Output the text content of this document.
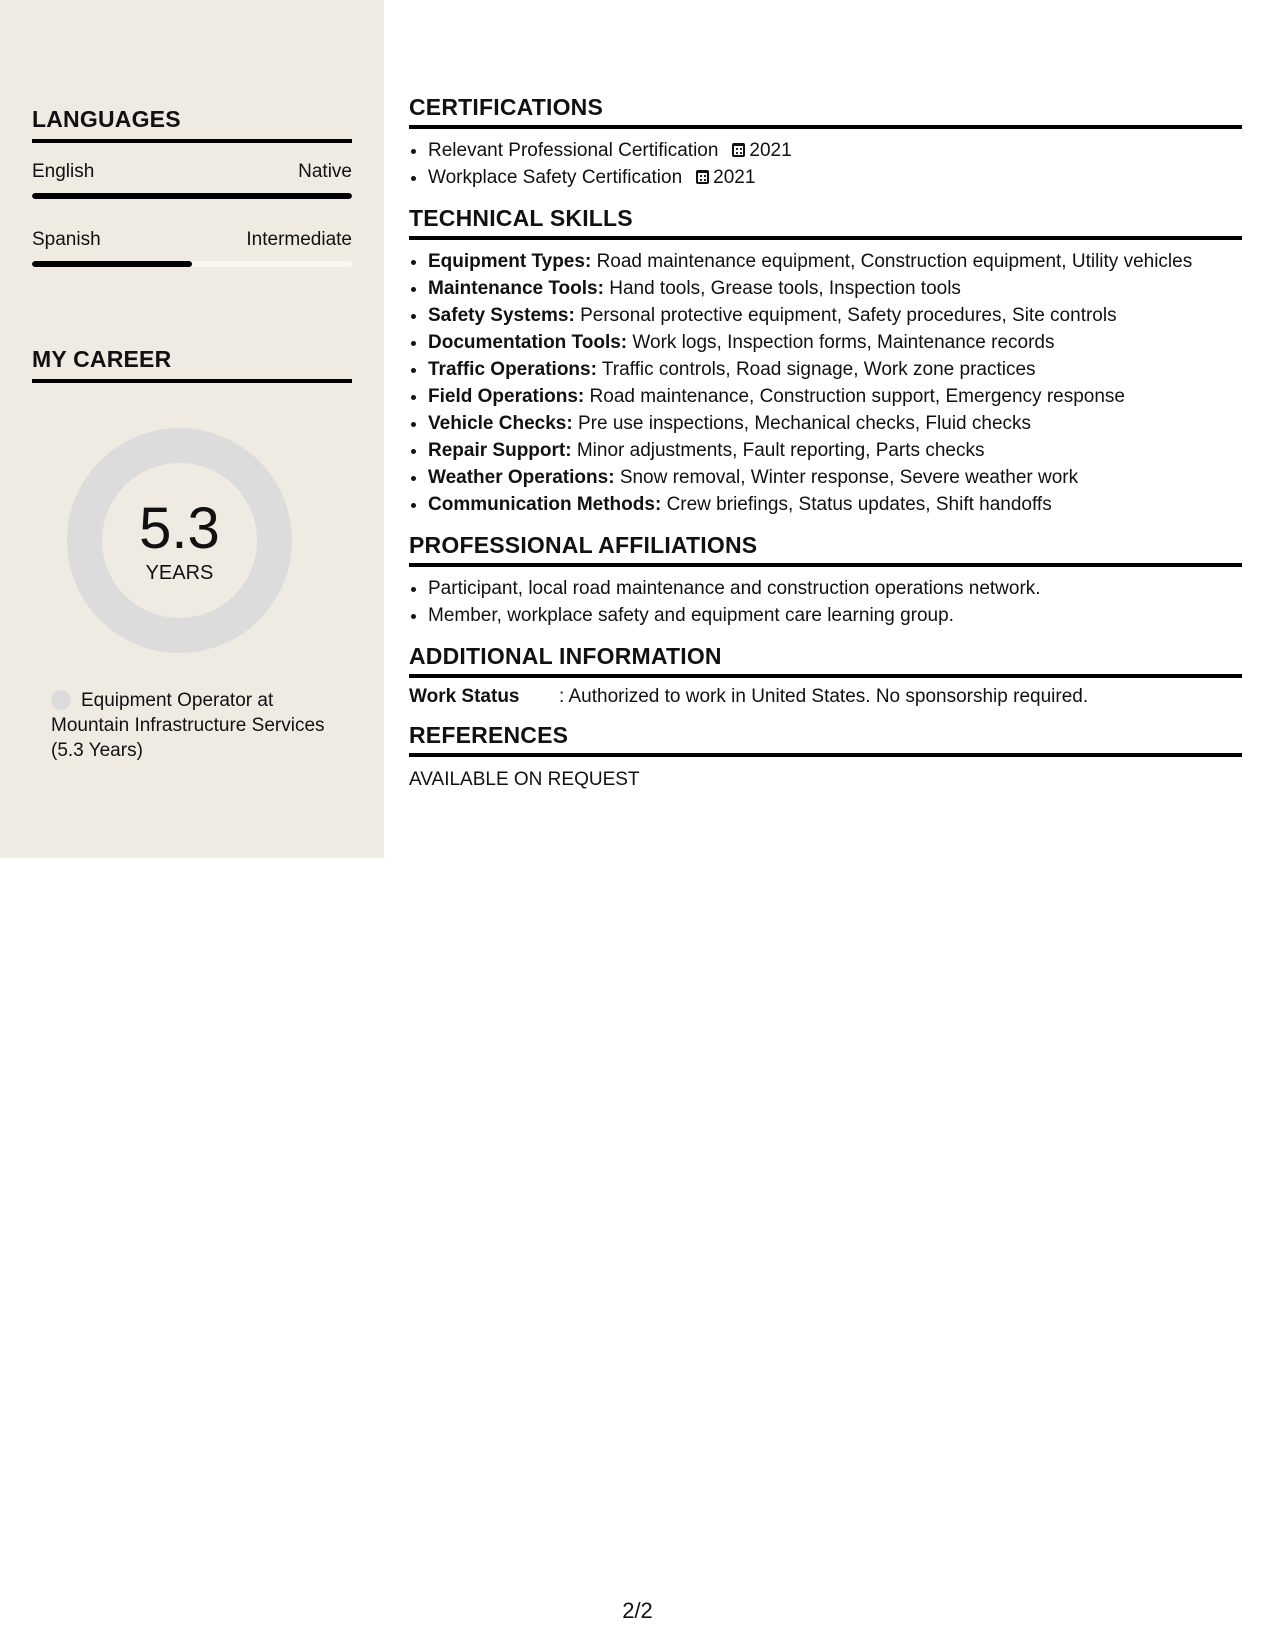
LANGUAGES
English	Native
Spanish	Intermediate
MY CAREER
5.3
YEARS
Equipment Operator at Mountain Infrastructure Services (5.3 Years)
CERTIFICATIONS
• Relevant Professional Certification 2021
• Workplace Safety Certification 2021
TECHNICAL SKILLS
• Equipment Types: Road maintenance equipment, Construction equipment, Utility vehicles
• Maintenance Tools: Hand tools, Grease tools, Inspection tools
• Safety Systems: Personal protective equipment, Safety procedures, Site controls
• Documentation Tools: Work logs, Inspection forms, Maintenance records
• Traffic Operations: Traffic controls, Road signage, Work zone practices
• Field Operations: Road maintenance, Construction support, Emergency response
• Vehicle Checks: Pre use inspections, Mechanical checks, Fluid checks
• Repair Support: Minor adjustments, Fault reporting, Parts checks
• Weather Operations: Snow removal, Winter response, Severe weather work
• Communication Methods: Crew briefings, Status updates, Shift handoffs
PROFESSIONAL AFFILIATIONS
• Participant, local road maintenance and construction operations network.
• Member, workplace safety and equipment care learning group.
ADDITIONAL INFORMATION
Work Status	: Authorized to work in United States. No sponsorship required.
REFERENCES
AVAILABLE ON REQUEST
2/2
